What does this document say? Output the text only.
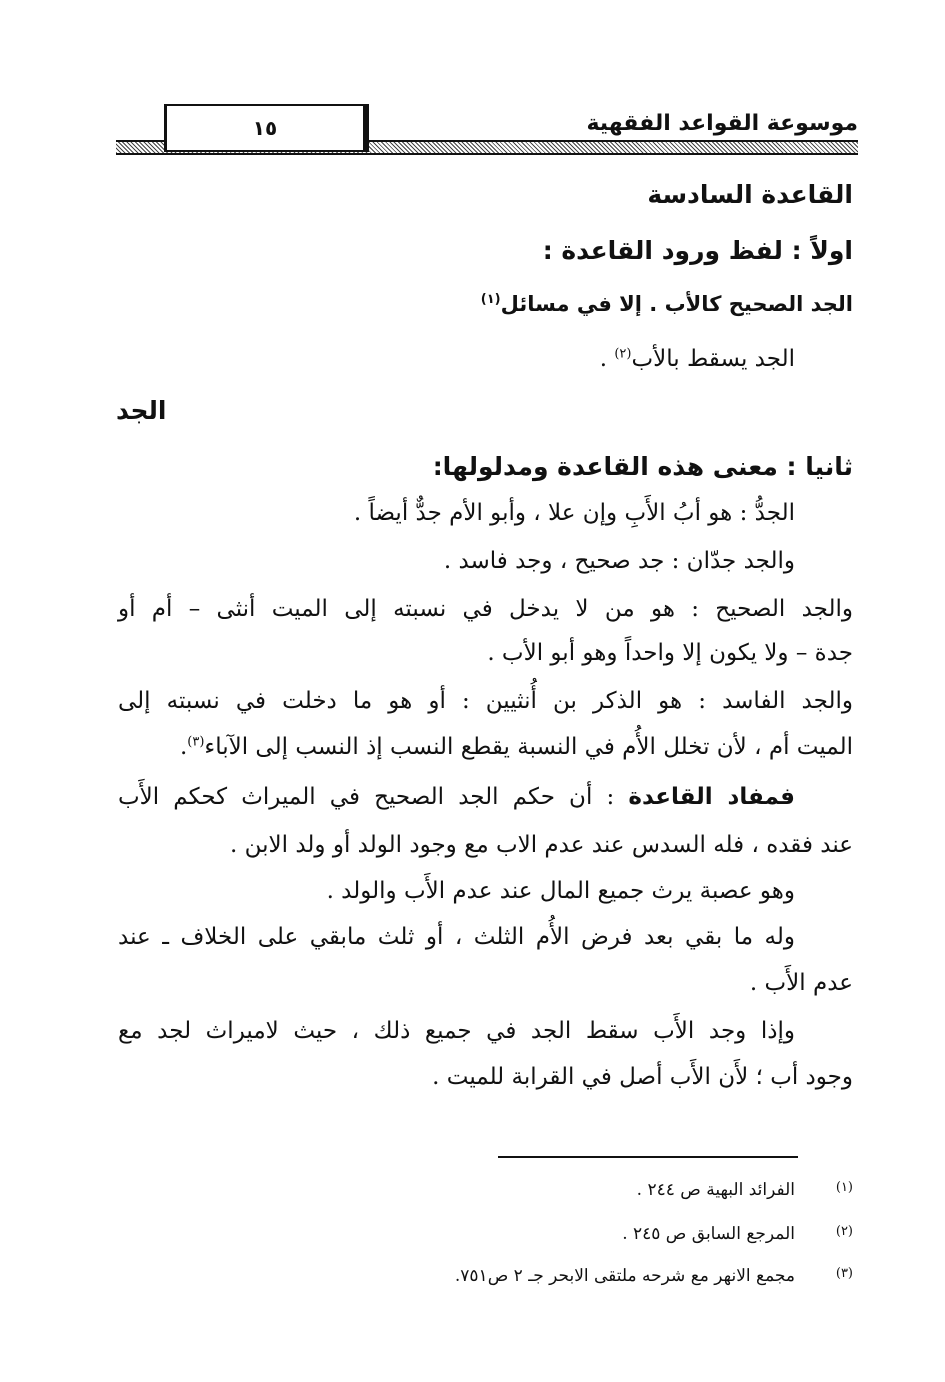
١٥	موسوعة القواعد الفقهية
القاعدة السادسة
اولاً : لفظ ورود القاعدة :
الجد الصحيح كالأب . إلا في مسائل$^{(١)}$
الجد يسقط بالأب$^{(٢)}$ .
الجد
ثانيا : معنى هذه القاعدة ومدلولها:
الجدُّ : هو أبُ الأَبِ وإن علا ، وأبو الأم جدٌّ أيضاً .
والجد جدّان : جد صحيح ، وجد فاسد .
والجد الصحيح : هو من لا يدخل في نسبته إلى الميت أنثى – أم أو
جدة – ولا يكون إلا واحداً وهو أبو الأب .
والجد الفاسد : هو الذكر بن أُنثيين : أو هو ما دخلت في نسبته إلى
الميت أم ، لأن تخلل الأُم في النسبة يقطع النسب إذ النسب إلى الآباء$^{(٣)}$.
فمفاد القاعدة : أن حكم الجد الصحيح في الميراث كحكم الأَب
عند فقده ، فله السدس عند عدم الاب مع وجود الولد أو ولد الابن .
وهو عصبة يرث جميع المال عند عدم الأَب والولد .
وله ما بقي بعد فرض الأُم الثلث ، أو ثلث مابقي على الخلاف ـ عند
عدم الأَب .
وإذا وجد الأَب سقط الجد في جميع ذلك ، حيث لاميراث لجد مع
وجود أب ؛ لأَن الأَب أصل في القرابة للميت .
(١)
الفرائد البهية ص ٢٤٤ .
(٢)
المرجع السابق ص ٢٤٥ .
(٣)
مجمع الانهر مع شرحه ملتقى الابحر جـ ٢ ص٧٥١.
